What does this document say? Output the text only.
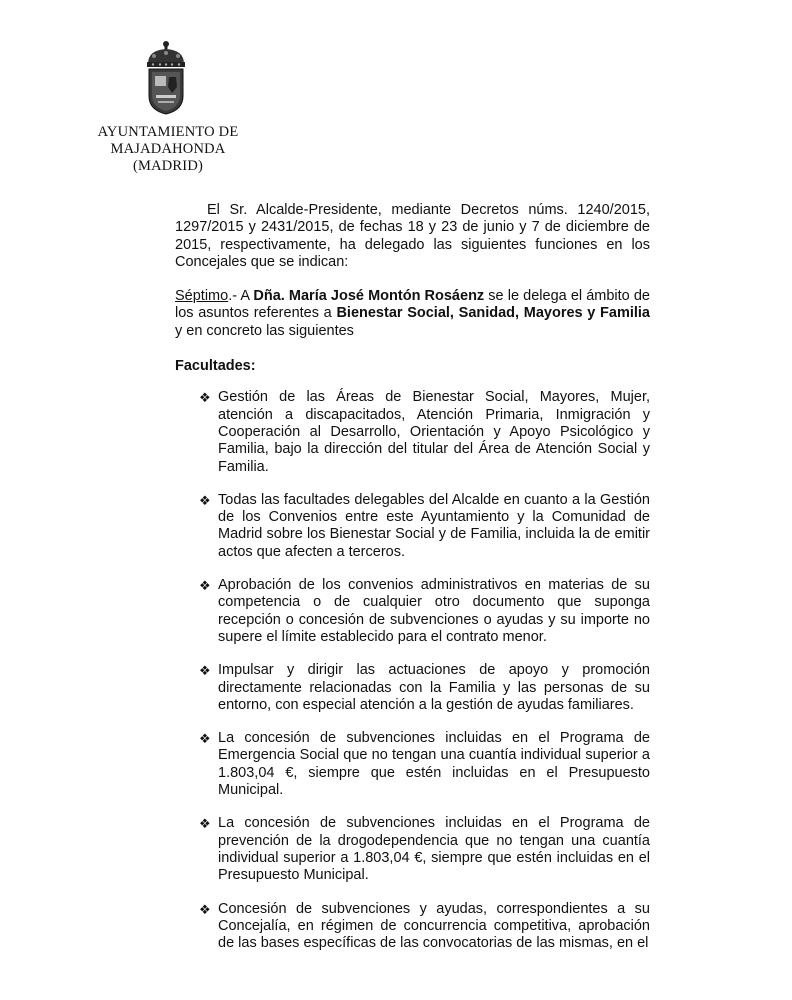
AYUNTAMIENTO DE
MAJADAHONDA
(MADRID)

El Sr. Alcalde-Presidente, mediante Decretos núms. 1240/2015, 1297/2015 y 2431/2015, de fechas 18 y 23 de junio y 7 de diciembre de 2015, respectivamente, ha delegado las siguientes funciones en los Concejales que se indican:

Séptimo.- A Dña. María José Montón Rosáenz se le delega el ámbito de los asuntos referentes a Bienestar Social, Sanidad, Mayores y Familia y en concreto las siguientes

Facultades:
❖ Gestión de las Áreas de Bienestar Social, Mayores, Mujer, atención a discapacitados, Atención Primaria, Inmigración y Cooperación al Desarrollo, Orientación y Apoyo Psicológico y Familia, bajo la dirección del titular del Área de Atención Social y Familia.
❖ Todas las facultades delegables del Alcalde en cuanto a la Gestión de los Convenios entre este Ayuntamiento y la Comunidad de Madrid sobre los Bienestar Social y de Familia, incluida la de emitir actos que afecten a terceros.
❖ Aprobación de los convenios administrativos en materias de su competencia o de cualquier otro documento que suponga recepción o concesión de subvenciones o ayudas y su importe no supere el límite establecido para el contrato menor.
❖ Impulsar y dirigir las actuaciones de apoyo y promoción directamente relacionadas con la Familia y las personas de su entorno, con especial atención a la gestión de ayudas familiares.
❖ La concesión de subvenciones incluidas en el Programa de Emergencia Social que no tengan una cuantía individual superior a 1.803,04 €, siempre que estén incluidas en el Presupuesto Municipal.
❖ La concesión de subvenciones incluidas en el Programa de prevención de la drogodependencia que no tengan una cuantía individual superior a 1.803,04 €, siempre que estén incluidas en el Presupuesto Municipal.
❖ Concesión de subvenciones y ayudas, correspondientes a su Concejalía, en régimen de concurrencia competitiva, aprobación de las bases específicas de las convocatorias de las mismas, en el
